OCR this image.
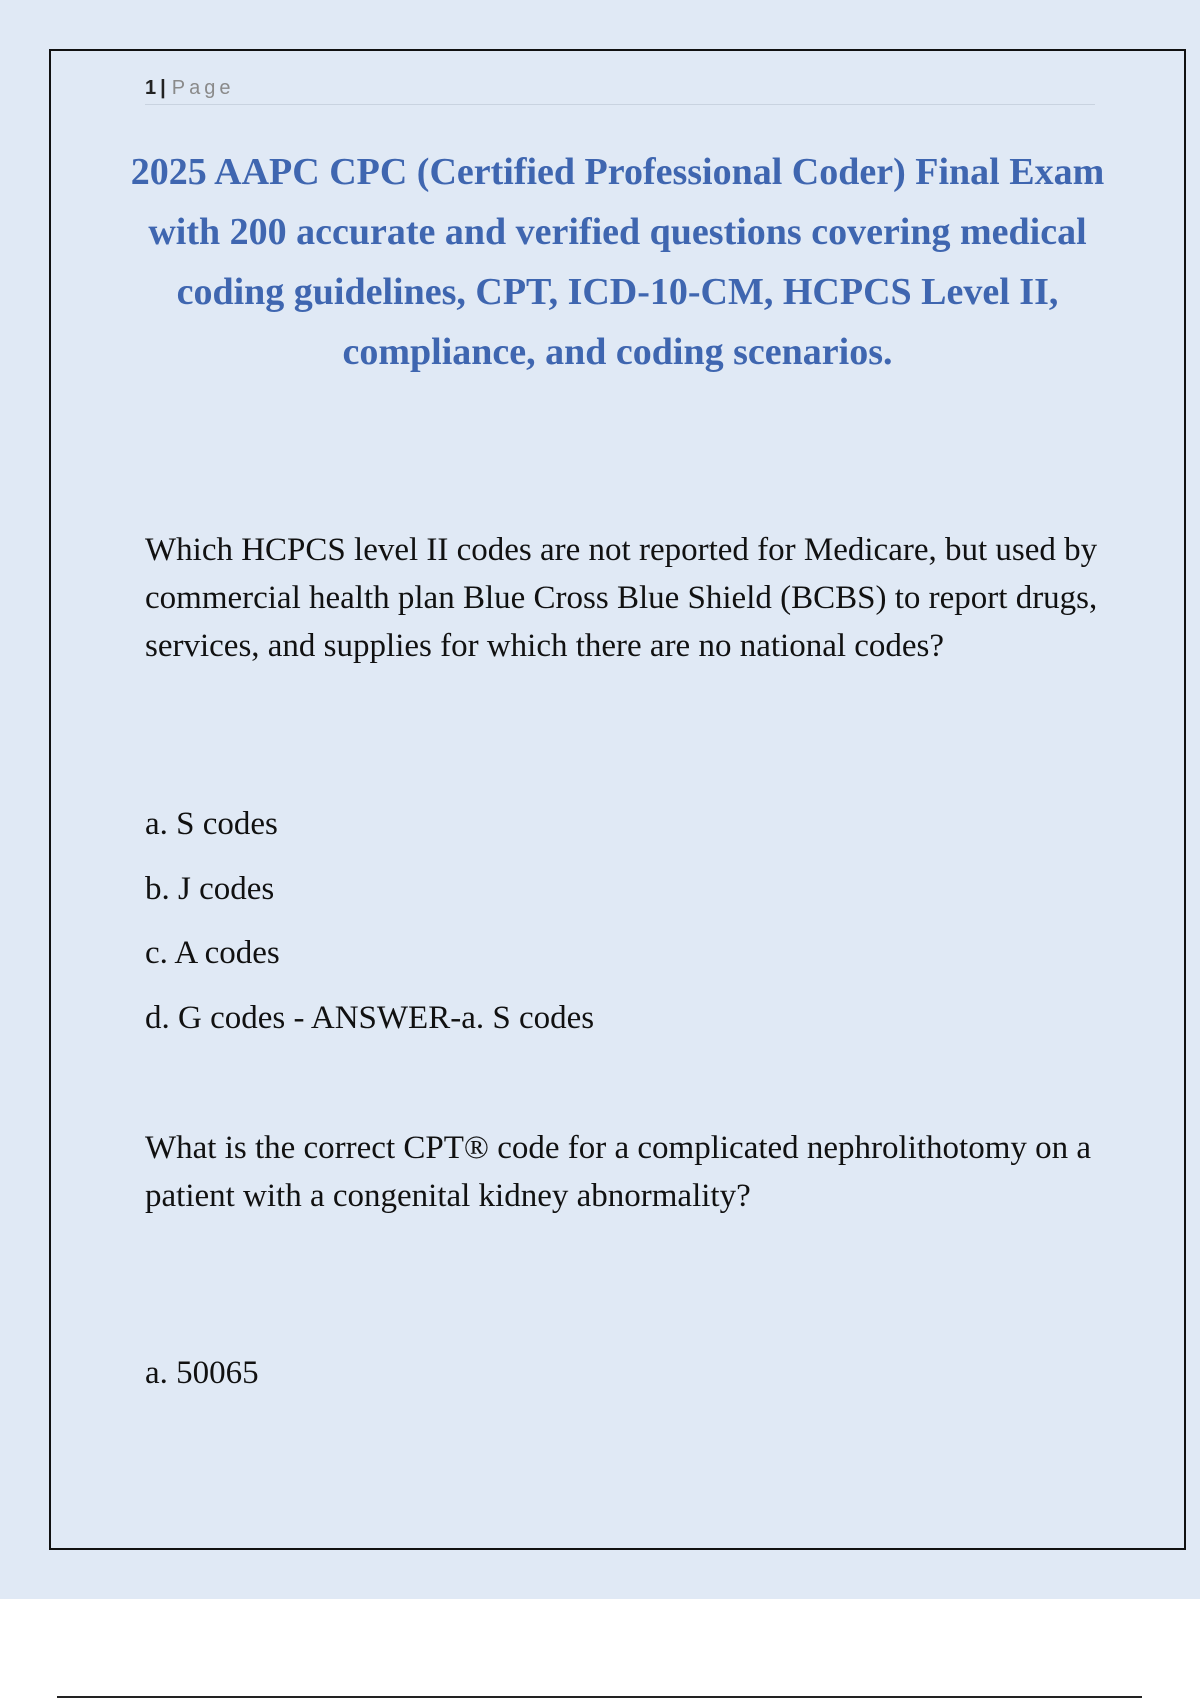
1 | Page
2025 AAPC CPC (Certified Professional Coder) Final Exam with 200 accurate and verified questions covering medical coding guidelines, CPT, ICD-10-CM, HCPCS Level II, compliance, and coding scenarios.

Which HCPCS level II codes are not reported for Medicare, but used by commercial health plan Blue Cross Blue Shield (BCBS) to report drugs, services, and supplies for which there are no national codes?

a. S codes

b. J codes

c. A codes

d. G codes - ANSWER-a. S codes

What is the correct CPT® code for a complicated nephrolithotomy on a patient with a congenital kidney abnormality?

a. 50065
